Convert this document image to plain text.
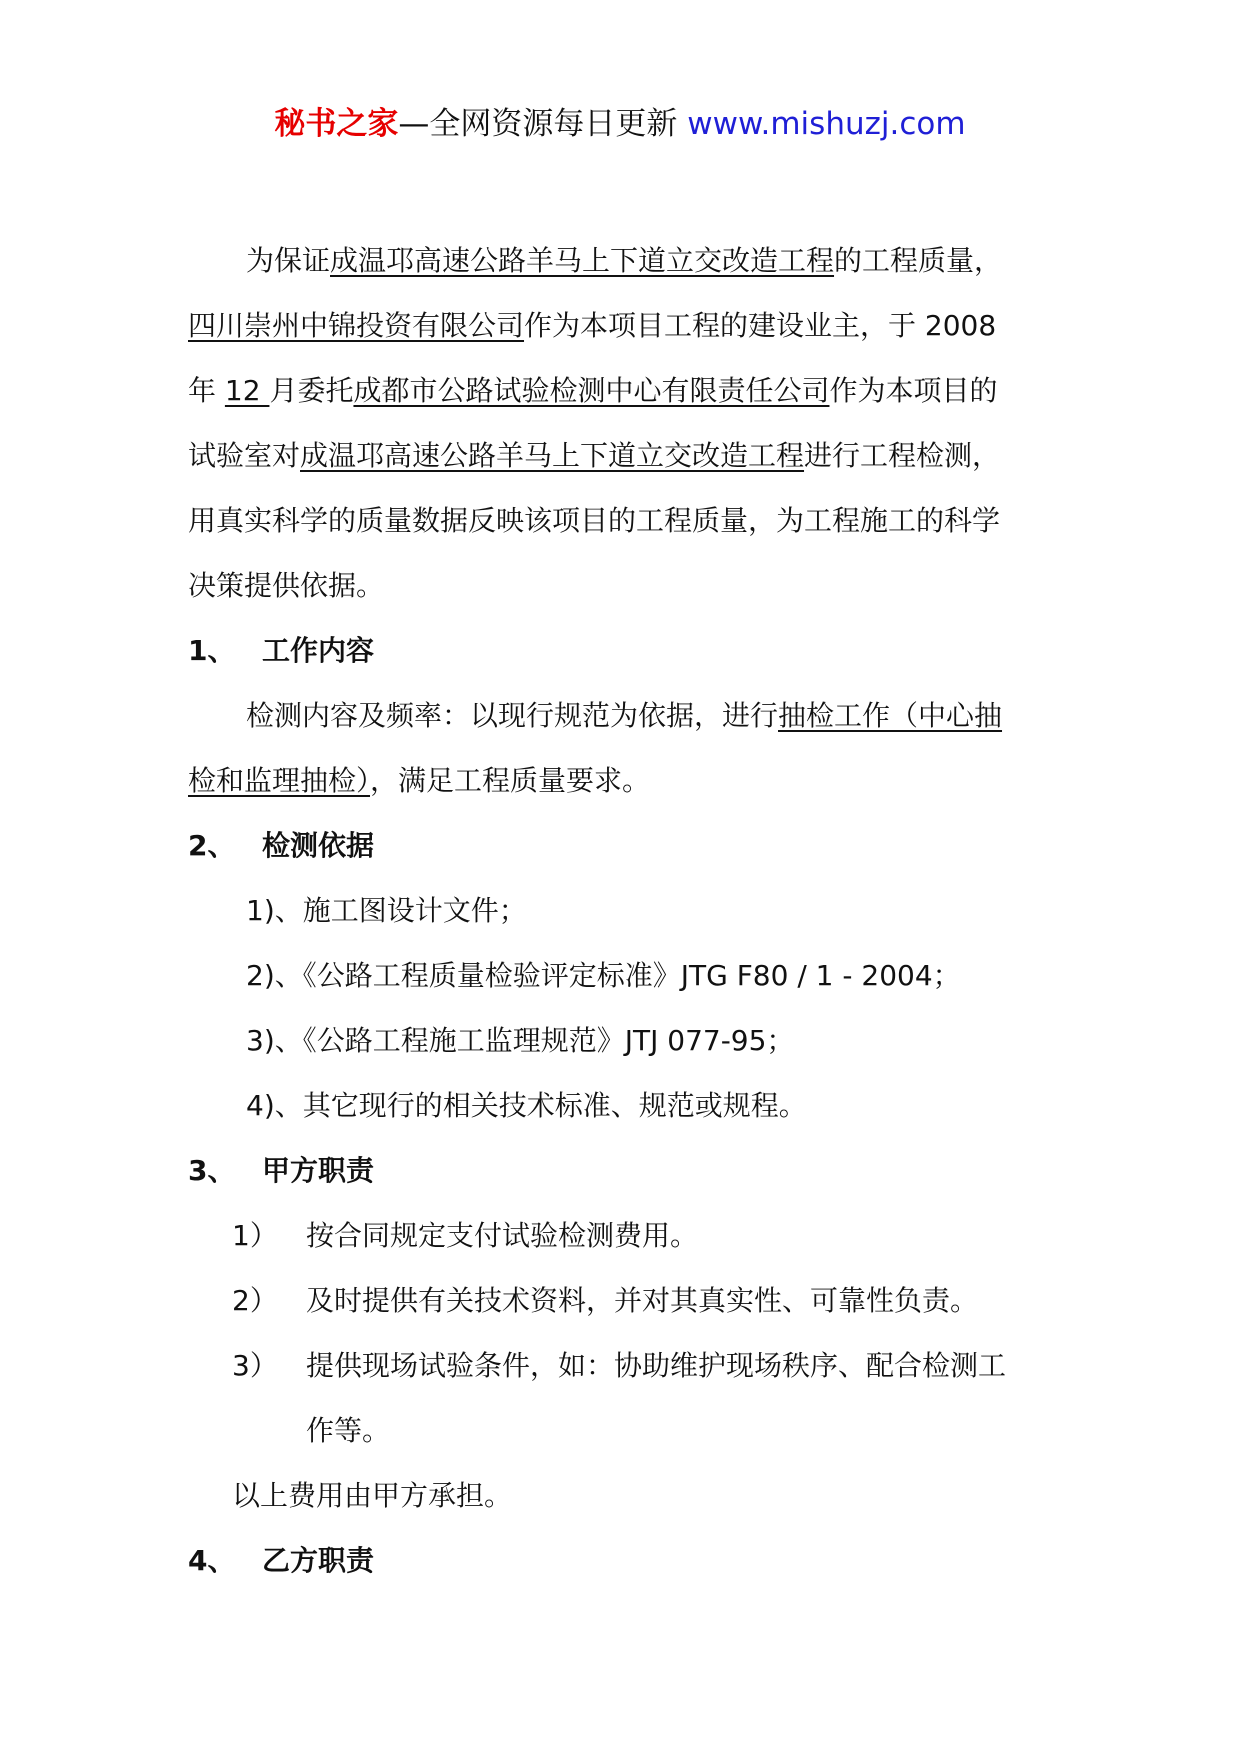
秘书之家—全网资源每日更新 www.mishuzj.com
为保证成温邛高速公路羊马上下道立交改造工程的工程质量，
四川崇州中锦投资有限公司作为本项目工程的建设业主，于 2008
年 12 月委托成都市公路试验检测中心有限责任公司作为本项目的
试验室对成温邛高速公路羊马上下道立交改造工程进行工程检测，
用真实科学的质量数据反映该项目的工程质量，为工程施工的科学
决策提供依据。
1、 工作内容
检测内容及频率：以现行规范为依据，进行抽检工作（中心抽
检和监理抽检），满足工程质量要求。
2、 检测依据
1)、施工图设计文件；
2)、《公路工程质量检验评定标准》JTG F80 / 1 - 2004；
3)、《公路工程施工监理规范》JTJ 077-95；
4)、其它现行的相关技术标准、规范或规程。
3、 甲方职责
1）	按合同规定支付试验检测费用。
2）	及时提供有关技术资料，并对其真实性、可靠性负责。
3）	提供现场试验条件，如：协助维护现场秩序、配合检测工
作等。
以上费用由甲方承担。
4、 乙方职责
